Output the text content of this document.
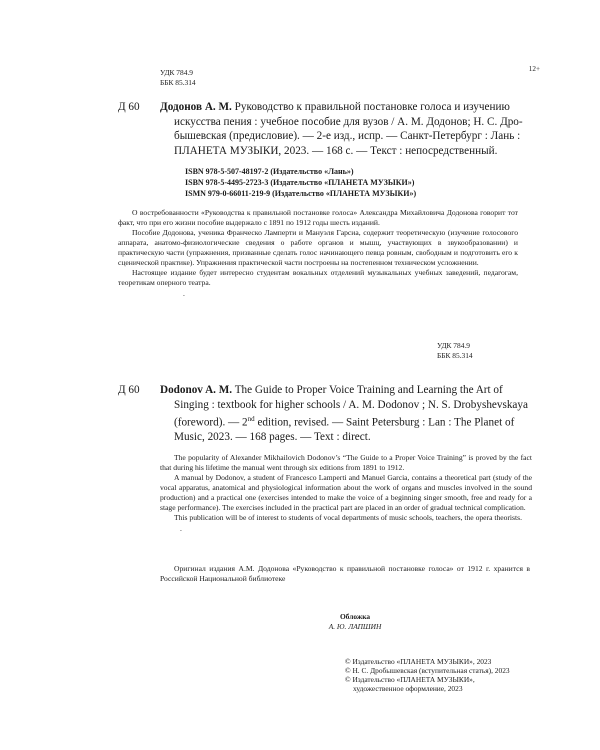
12+
УДК 784.9
ББК 85.314
Д 60 Додонов А. М. Руководство к правильной постановке голоса и изучению
искусства пения : учебное пособие для вузов / А. М. Додонов; Н. С. Дро-
бышевская (предисловие). — 2-е изд., испр. — Санкт-Петербург : Лань :
ПЛАНЕТА МУЗЫКИ, 2023. — 168 с. — Текст : непосредственный.
ISBN 978-5-507-48197-2 (Издательство «Лань»)
ISBN 978-5-4495-2723-3 (Издательство «ПЛАНЕТА МУЗЫКИ»)
ISMN 979-0-66011-219-9 (Издательство «ПЛАНЕТА МУЗЫКИ»)

О востребованности «Руководства к правильной постановке голоса» Александра Михайловича Додонова говорит тот факт, что при его жизни пособие выдержало с 1891 по 1912 годы шесть изданий.

Пособие Додонова, ученика Франческо Ламперти и Мануэля Гарсиа, содержит теоретическую (изучение голосового аппарата, анатомо-физиологические сведения о работе органов и мышц, участвующих в звукообразовании) и практическую части (упражнения, призванные сделать голос начинающего певца ровным, свободным и подготовить его к сценической практике). Упражнения практической части построены на постепенном техническом усложнении.

Настоящее издание будет интересно студентам вокальных отделений музыкальных учебных заведений, педагогам, теоретикам оперного театра.

.
УДК 784.9
ББК 85.314
Д 60 Dodonov A. M. The Guide to Proper Voice Training and Learning the Art of
Singing : textbook for higher schools / A. M. Dodonov ; N. S. Drobyshevskaya
(foreword). — 2nd edition, revised. — Saint Petersburg : Lan : The Planet of
Music, 2023. — 168 pages. — Text : direct.

The popularity of Alexander Mikhailovich Dodonov’s “The Guide to a Proper Voice Training” is proved by the fact that during his lifetime the manual went through six editions from 1891 to 1912.

A manual by Dodonov, a student of Francesco Lamperti and Manuel Garcia, contains a theoretical part (study of the vocal apparatus, anatomical and physiological information about the work of organs and muscles involved in the sound production) and a practical one (exercises intended to make the voice of a beginning singer smooth, free and ready for a stage performance). The exercises included in the practical part are placed in an order of gradual technical complication.

This publication will be of interest to students of vocal departments of music schools, teachers, the opera theorists.

.

Оригинал издания А.М. Додонова «Руководство к правильной постановке голоса» от 1912 г. хранится в Российской Национальной библиотеке

Обложка
А. Ю. ЛАПШИН
© Издательство «ПЛАНЕТА МУЗЫКИ», 2023
© Н. С. Дробышевская (вступительная статья), 2023
© Издательство «ПЛАНЕТА МУЗЫКИ»,
художественное оформление, 2023
